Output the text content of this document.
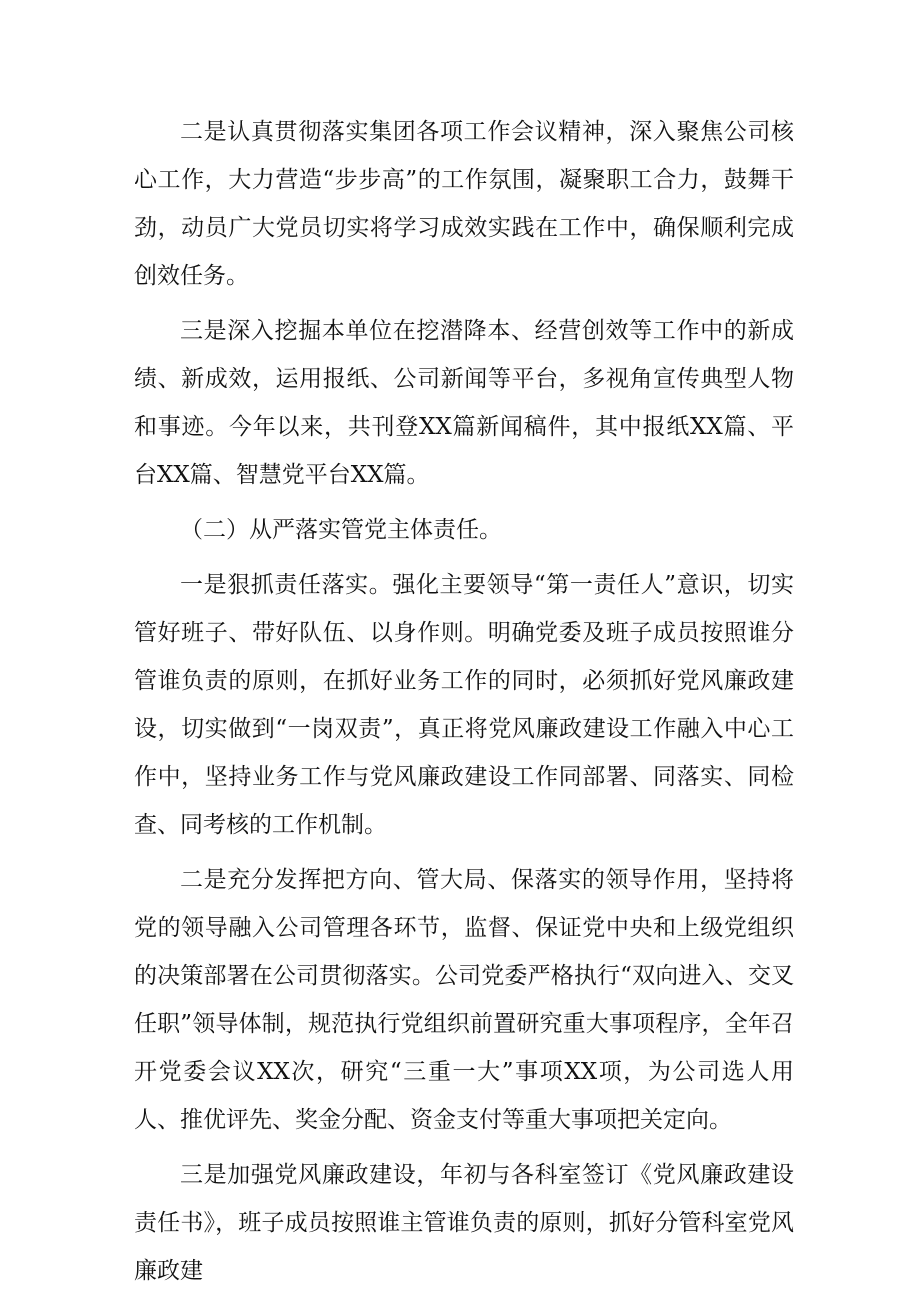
二是认真贯彻落实集团各项工作会议精神，深入聚焦公司核心工作，大力营造“步步高”的工作氛围，凝聚职工合力，鼓舞干劲，动员广大党员切实将学习成效实践在工作中，确保顺利完成创效任务。

三是深入挖掘本单位在挖潜降本、经营创效等工作中的新成绩、新成效，运用报纸、公司新闻等平台，多视角宣传典型人物和事迹。今年以来，共刊登XX篇新闻稿件，其中报纸XX篇、平台XX篇、智慧党平台XX篇。

（二）从严落实管党主体责任。

一是狠抓责任落实。强化主要领导“第一责任人”意识，切实管好班子、带好队伍、以身作则。明确党委及班子成员按照谁分管谁负责的原则，在抓好业务工作的同时，必须抓好党风廉政建设，切实做到“一岗双责”，真正将党风廉政建设工作融入中心工作中，坚持业务工作与党风廉政建设工作同部署、同落实、同检查、同考核的工作机制。

二是充分发挥把方向、管大局、保落实的领导作用，坚持将党的领导融入公司管理各环节，监督、保证党中央和上级党组织的决策部署在公司贯彻落实。公司党委严格执行“双向进入、交叉任职”领导体制，规范执行党组织前置研究重大事项程序，全年召开党委会议XX次，研究“三重一大”事项XX项，为公司选人用人、推优评先、奖金分配、资金支付等重大事项把关定向。

三是加强党风廉政建设，年初与各科室签订《党风廉政建设责任书》，班子成员按照谁主管谁负责的原则，抓好分管科室党风廉政建
